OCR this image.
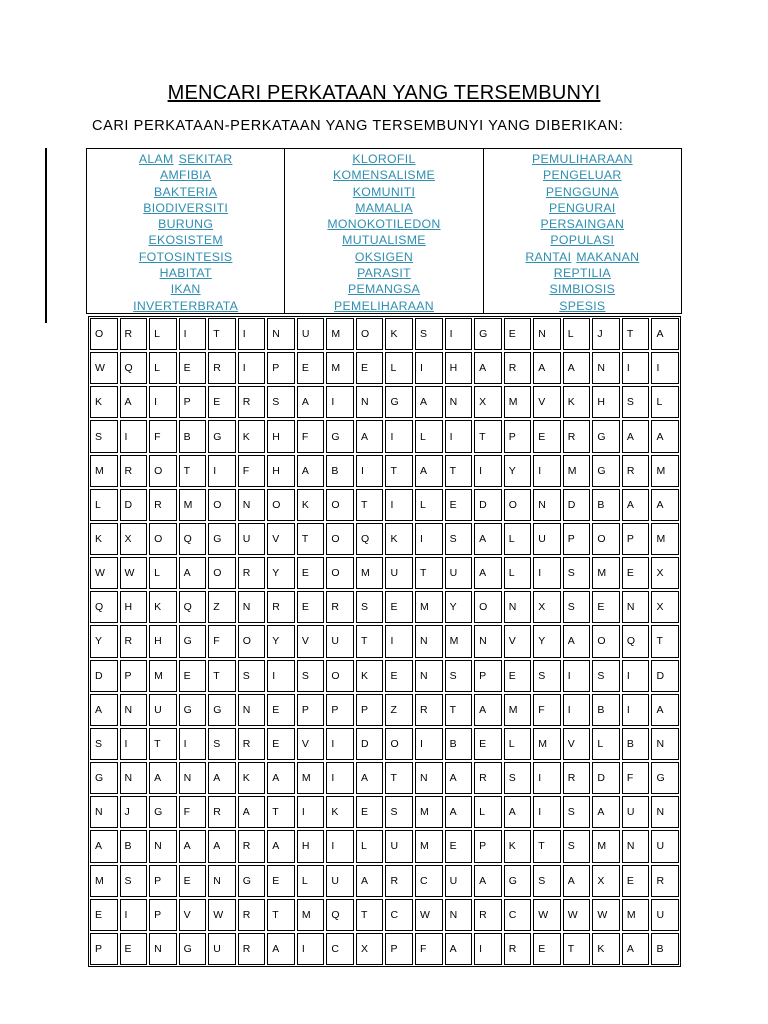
MENCARI PERKATAAN YANG TERSEMBUNYI
CARI PERKATAAN-PERKATAAN YANG TERSEMBUNYI YANG DIBERIKAN:
ALAM SEKITAR
AMFIBIA
BAKTERIA
BIODIVERSITI
BURUNG
EKOSISTEM
FOTOSINTESIS
HABITAT
IKAN
INVERTERBRATA
KLOROFIL
KOMENSALISME
KOMUNITI
MAMALIA
MONOKOTILEDON
MUTUALISME
OKSIGEN
PARASIT
PEMANGSA
PEMELIHARAAN
PEMULIHARAAN
PENGELUAR
PENGGUNA
PENGURAI
PERSAINGAN
POPULASI
RANTAI MAKANAN
REPTILIA
SIMBIOSIS
SPESIS
O R L I	T I	N U M O K S I	G E N L J T A
W Q L E R I	P E M E L I	H A R A A N I	I
K A I	P E R S A I	N G A N X M V K H S L
S I	F B G K H F G A I	L I	T P E R G A A
M R O T I	F H A B I	T A T I	Y I	M G R M
L D R M O N O K O T I	L E D O N D B A A
K X O Q G U V T O Q K I	S A L U P O P M
W W L A O R Y E O M U T U A L I	S M E X
Q H K Q Z N R E R S E M Y O N X S E N X
Y R H G F O Y V U T I	N M N V Y A O Q T
D P M E T S I	S O K E N S P E S I	S I	D
A N U G G N E P P P Z R T A M F I	B I	A
S I	T I	S R E V I	D O I	B E L M V L B N
G N A N A K A M I	A T N A R S I	R D F G
N J G F R A T I	K E S M A L A I	S A U N
A B N A A R A H I	L U M E P K T S M N U
M S P E N G E L U A R C U A G S A X E R
E I	P V W R T M Q T C W N R C W W W M U
P E N G U R A I	C X P F A I	R E T K A B
